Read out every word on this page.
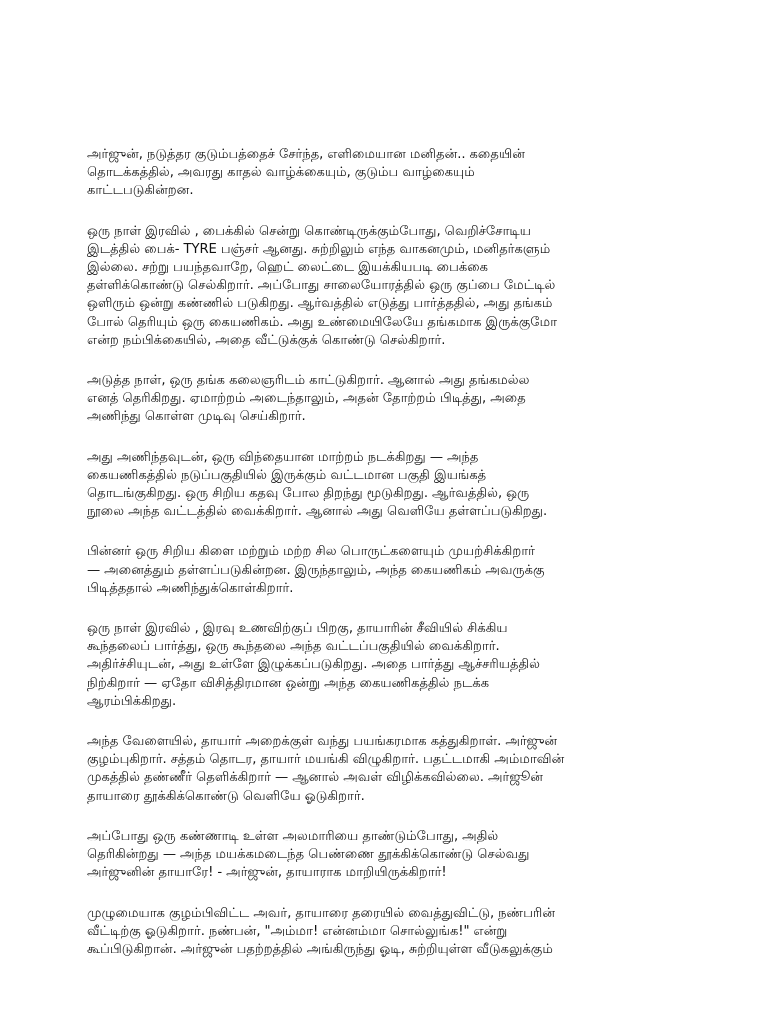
அர்ஜுன், நடுத்தர குடும்பத்தைச் சேர்ந்த, எளிமையான மனிதன்.. கதையின்
தொடக்கத்தில், அவரது காதல் வாழ்க்கையும், குடும்ப வாழ்கையும்
காட்டபடுகின்றன.

ஒரு நாள் இரவில் , பைக்கில் சென்று கொண்டிருக்கும்போது, வெறிச்சோடிய
இடத்தில் பைக்- TYRE பஞ்சர் ஆனது. சுற்றிலும் எந்த வாகனமும், மனிதர்களும்
இல்லை. சற்று பயந்தவாறே, ஹெட் லைட்டை இயக்கியபடி பைக்கை
தள்ளிக்கொண்டு செல்கிறார். அப்போது சாலையோரத்தில் ஒரு குப்பை மேட்டில்
ஒளிரும் ஒன்று கண்ணில் படுகிறது. ஆர்வத்தில் எடுத்து பார்த்ததில், அது தங்கம்
போல் தெரியும் ஒரு கையணிகம். அது உண்மையிலேயே தங்கமாக இருக்குமோ
என்ற நம்பிக்கையில், அதை வீட்டுக்குக் கொண்டு செல்கிறார்.

அடுத்த நாள், ஒரு தங்க கலைஞரிடம் காட்டுகிறார். ஆனால் அது தங்கமல்ல
எனத் தெரிகிறது. ஏமாற்றம் அடைந்தாலும், அதன் தோற்றம் பிடித்து, அதை
அணிந்து கொள்ள முடிவு செய்கிறார்.

அது அணிந்தவுடன், ஒரு விந்தையான மாற்றம் நடக்கிறது — அந்த
கையணிகத்தில் நடுப்பகுதியில் இருக்கும் வட்டமான பகுதி இயங்கத்
தொடங்குகிறது. ஒரு சிறிய கதவு போல திறந்து மூடுகிறது. ஆர்வத்தில், ஒரு
நூலை அந்த வட்டத்தில் வைக்கிறார். ஆனால் அது வெளியே தள்ளப்படுகிறது.

பின்னர் ஒரு சிறிய கிளை மற்றும் மற்ற சில பொருட்களையும் முயற்சிக்கிறார்
— அனைத்தும் தள்ளப்படுகின்றன. இருந்தாலும், அந்த கையணிகம் அவருக்கு
பிடித்ததால் அணிந்துக்கொள்கிறார்.

ஒரு நாள் இரவில் , இரவு உணவிற்குப் பிறகு, தாயாரின் சீவியில் சிக்கிய
கூந்தலைப் பார்த்து, ஒரு கூந்தலை அந்த வட்டப்பகுதியில் வைக்கிறார்.
அதிர்ச்சியுடன், அது உள்ளே இழுக்கப்படுகிறது. அதை பார்த்து ஆச்சரியத்தில்
நிற்கிறார் — ஏதோ விசித்திரமான ஒன்று அந்த கையணிகத்தில் நடக்க
ஆரம்பிக்கிறது.

அந்த வேளையில், தாயார் அறைக்குள் வந்து பயங்கரமாக கத்துகிறாள். அர்ஜுன்
குழம்புகிறார். சத்தம் தொடர, தாயார் மயங்கி விழுகிறார். பதட்டமாகி அம்மாவின்
முகத்தில் தண்ணீர் தெளிக்கிறார் — ஆனால் அவள் விழிக்கவில்லை. அர்ஜூன்
தாயாரை தூக்கிக்கொண்டு வெளியே ஓடுகிறார்.

அப்போது ஒரு கண்ணாடி உள்ள அலமாரியை தாண்டும்போது, அதில்
தெரிகின்றது — அந்த மயக்கமடைந்த பெண்ணை தூக்கிக்கொண்டு செல்வது
அர்ஜுனின் தாயாரே! - அர்ஜுன், தாயாராக மாறியிருக்கிறார்!

முழுமையாக குழம்பிவிட்ட அவர், தாயாரை தரையில் வைத்துவிட்டு, நண்பரின்
வீட்டிற்கு ஓடுகிறார். நண்பன், "அம்மா! என்னம்மா சொல்லுங்க!" என்று
கூப்பிடுகிறான். அர்ஜுன் பதற்றத்தில் அங்கிருந்து ஓடி, சுற்றியுள்ள வீடுகலுக்கும்
